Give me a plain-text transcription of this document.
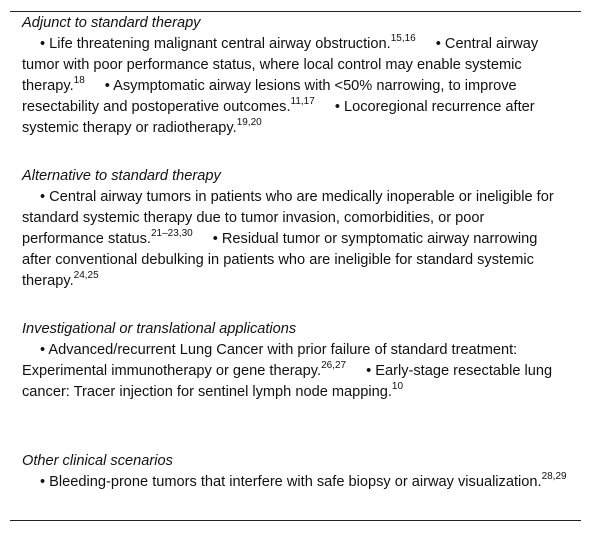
Adjunct to standard therapy

• Life threatening malignant central airway obstruction.$^{15,16}$ • Central airway tumor with poor performance status, where local control may enable systemic therapy.$^{18}$ • Asymptomatic airway lesions with <50% narrowing, to improve resectability and postoperative outcomes.$^{11,17}$ • Locoregional recurrence after systemic therapy or radiotherapy.$^{19,20}$

Alternative to standard therapy

• Central airway tumors in patients who are medically inoperable or ineligible for standard systemic therapy due to tumor invasion, comorbidities, or poor performance status.$^{21-23,30}$ • Residual tumor or symptomatic airway narrowing after conventional debulking in patients who are ineligible for standard systemic therapy.$^{24,25}$

Investigational or translational applications

• Advanced/recurrent Lung Cancer with prior failure of standard treatment: Experimental immunotherapy or gene therapy.$^{26,27}$ • Early-stage resectable lung cancer: Tracer injection for sentinel lymph node mapping.$^{10}$

Other clinical scenarios

• Bleeding-prone tumors that interfere with safe biopsy or airway visualization.$^{28,29}$
